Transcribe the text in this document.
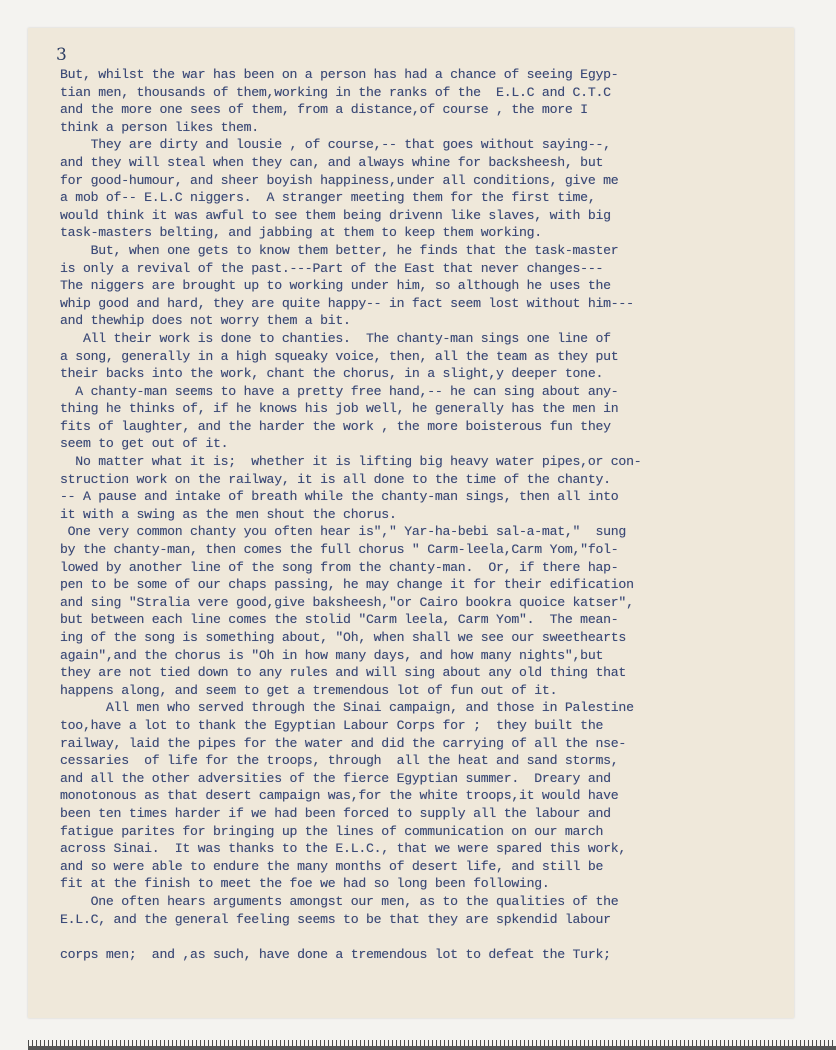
3
But, whilst the war has been on a person has had a chance of seeing Egyp-
tian men, thousands of them,working in the ranks of the  E.L.C and C.T.C
and the more one sees of them, from a distance,of course , the more I
think a person likes them.
They are dirty and lousie , of course,-- that goes without saying--,
and they will steal when they can, and always whine for backsheesh, but
for good-humour, and sheer boyish happiness,under all conditions, give me
a mob of-- E.L.C niggers.  A stranger meeting them for the first time,
would think it was awful to see them being drivenn like slaves, with big
task-masters belting, and jabbing at them to keep them working.
But, when one gets to know them better, he finds that the task-master
is only a revival of the past.---Part of the East that never changes---
The niggers are brought up to working under him, so although he uses the
whip good and hard, they are quite happy-- in fact seem lost without him---
and thewhip does not worry them a bit.
All their work is done to chanties.  The chanty-man sings one line of
a song, generally in a high squeaky voice, then, all the team as they put
their backs into the work, chant the chorus, in a slight,y deeper tone.
A chanty-man seems to have a pretty free hand,-- he can sing about any-
thing he thinks of, if he knows his job well, he generally has the men in
fits of laughter, and the harder the work , the more boisterous fun they
seem to get out of it.
No matter what it is;  whether it is lifting big heavy water pipes,or con-
struction work on the railway, it is all done to the time of the chanty.
-- A pause and intake of breath while the chanty-man sings, then all into
it with a swing as the men shout the chorus.
One very common chanty you often hear is"," Yar-ha-bebi sal-a-mat,"  sung
by the chanty-man, then comes the full chorus " Carm-leela,Carm Yom,"fol-
lowed by another line of the song from the chanty-man.  Or, if there hap-
pen to be some of our chaps passing, he may change it for their edification
and sing "Stralia vere good,give baksheesh,"or Cairo bookra quoice katser",
but between each line comes the stolid "Carm leela, Carm Yom".  The mean-
ing of the song is something about, "Oh, when shall we see our sweethearts
again",and the chorus is "Oh in how many days, and how many nights",but
they are not tied down to any rules and will sing about any old thing that
happens along, and seem to get a tremendous lot of fun out of it.
All men who served through the Sinai campaign, and those in Palestine
too,have a lot to thank the Egyptian Labour Corps for ;  they built the
railway, laid the pipes for the water and did the carrying of all the nse-
cessaries  of life for the troops, through  all the heat and sand storms,
and all the other adversities of the fierce Egyptian summer.  Dreary and
monotonous as that desert campaign was,for the white troops,it would have
been ten times harder if we had been forced to supply all the labour and
fatigue parites for bringing up the lines of communication on our march
across Sinai.  It was thanks to the E.L.C., that we were spared this work,
and so were able to endure the many months of desert life, and still be
fit at the finish to meet the foe we had so long been following.
One often hears arguments amongst our men, as to the qualities of the
E.L.C, and the general feeling seems to be that they are spkendid labour
corps men;  and ,as such, have done a tremendous lot to defeat the Turk;
